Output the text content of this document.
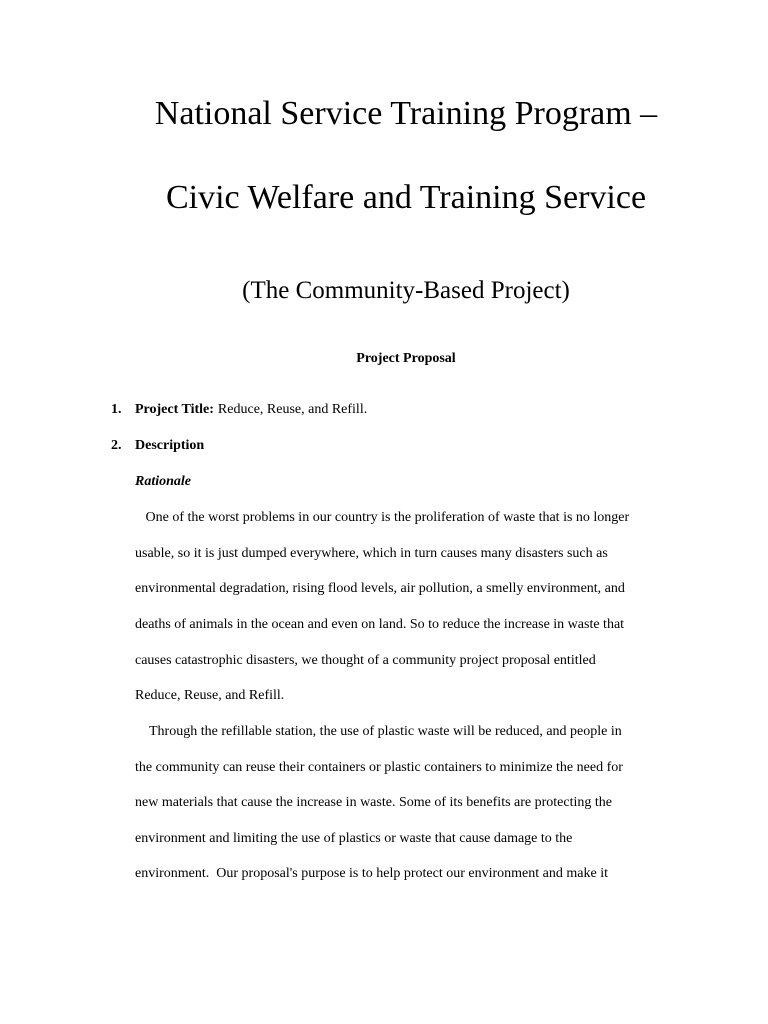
National Service Training Program –
Civic Welfare and Training Service
(The Community-Based Project)
Project Proposal
1. Project Title: Reduce, Reuse, and Refill.
2. Description
Rationale
One of the worst problems in our country is the proliferation of waste that is no longer
usable, so it is just dumped everywhere, which in turn causes many disasters such as
environmental degradation, rising flood levels, air pollution, a smelly environment, and
deaths of animals in the ocean and even on land. So to reduce the increase in waste that
causes catastrophic disasters, we thought of a community project proposal entitled
Reduce, Reuse, and Refill.
Through the refillable station, the use of plastic waste will be reduced, and people in
the community can reuse their containers or plastic containers to minimize the need for
new materials that cause the increase in waste. Some of its benefits are protecting the
environment and limiting the use of plastics or waste that cause damage to the
environment.  Our proposal's purpose is to help protect our environment and make it
